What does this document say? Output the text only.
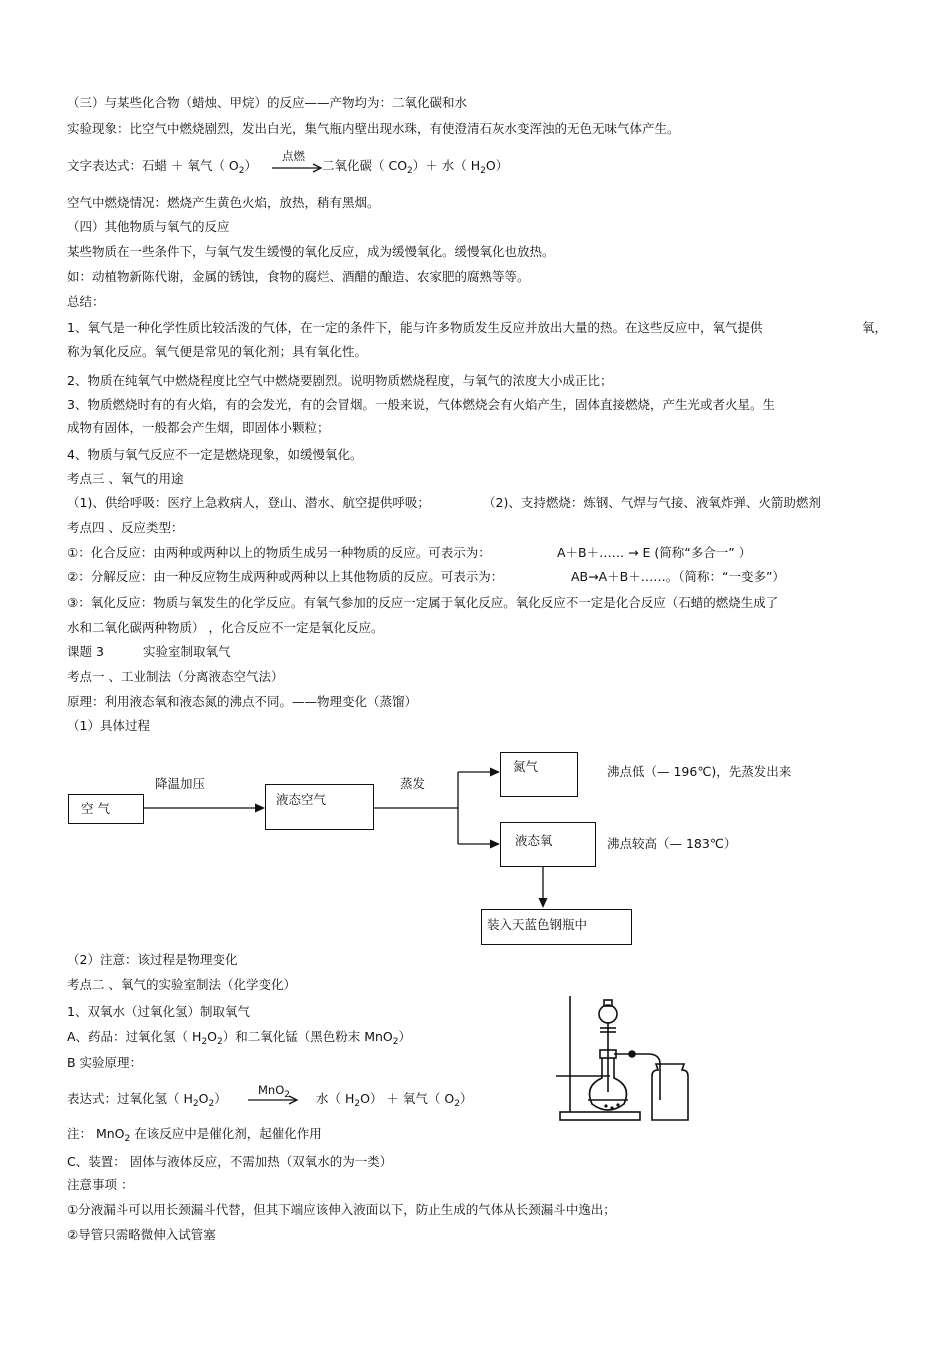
（三）与某些化合物（蜡烛、甲烷）的反应——产物均为：二氧化碳和水
实验现象：比空气中燃烧剧烈，发出白光，集气瓶内壁出现水珠，有使澄清石灰水变浑浊的无色无味气体产生。
文字表达式：石蜡 ＋ 氧气（ $O_2$）
点燃
二氧化碳（ $CO_2)+$ 水（ $H_2O$）
空气中燃烧情况：燃烧产生黄色火焰，放热，稍有黑烟。
（四）其他物质与氧气的反应
某些物质在一些条件下，与氧气发生缓慢的氧化反应，成为缓慢氧化。缓慢氧化也放热。
如：动植物新陈代谢，金属的锈蚀，食物的腐烂、酒醋的酿造、农家肥的腐熟等等。
总结：
1、氧气是一种化学性质比较活泼的气体，在一定的条件下，能与许多物质发生反应并放出大量的热。在这些反应中，氧气提供	氧，
称为氧化反应。氧气便是常见的氧化剂；具有氧化性。
2、物质在纯氧气中燃烧程度比空气中燃烧要剧烈。说明物质燃烧程度，与氧气的浓度大小成正比；
3、物质燃烧时有的有火焰，有的会发光，有的会冒烟。一般来说，气体燃烧会有火焰产生，固体直接燃烧，产生光或者火星。生
成物有固体，一般都会产生烟，即固体小颗粒；
4、物质与氧气反应不一定是燃烧现象，如缓慢氧化。
考点三 、氧气的用途
（1)、供给呼吸：医疗上急救病人，登山、潜水、航空提供呼吸；	（2)、支持燃烧：炼钢、气焊与气接、液氧炸弹、火箭助燃剂
考点四 、反应类型：
①：化合反应：由两种或两种以上的物质生成另一种物质的反应。可表示为：	A＋B＋…… → E (简称“多合一” ）
②：分解反应：由一种反应物生成两种或两种以上其他物质的反应。可表示为：	AB→A＋B＋……。（简称：“一变多”）
③：氧化反应：物质与氧发生的化学反应。有氧气参加的反应一定属于氧化反应。氧化反应不一定是化合反应（石蜡的燃烧生成了
水和二氧化碳两种物质） ，化合反应不一定是氧化反应。
课题 3	实验室制取氧气
考点一 、工业制法（分离液态空气法）
原理：利用液态氧和液态氮的沸点不同。——物理变化（蒸馏）
（1）具体过程
空 气
降温加压
液态空气
蒸发
氮气	沸点低（— 196℃)，先蒸发出来
液态氧	沸点较高（— 183℃）
装入天蓝色钢瓶中
（2）注意：该过程是物理变化
考点二 、氧气的实验室制法（化学变化）
1、双氧水（过氧化氢）制取氧气
A、药品：过氧化氢（ $H_2O_2$）和二氧化锰（黑色粉末 MnO$_2$）
B 实验原理：
表达式：过氧化氢（ $H_2O_2$）
MnO$_2$ → 水（ $H_2O$） ＋ 氧气（ $O_2$）
注： MnO$_2$ 在该反应中是催化剂，起催化作用
C、装置： 固体与液体反应，不需加热（双氧水的为一类）
注意事项 ：
①分液漏斗可以用长颈漏斗代替，但其下端应该伸入液面以下，防止生成的气体从长颈漏斗中逸出；
②导管只需略微伸入试管塞
